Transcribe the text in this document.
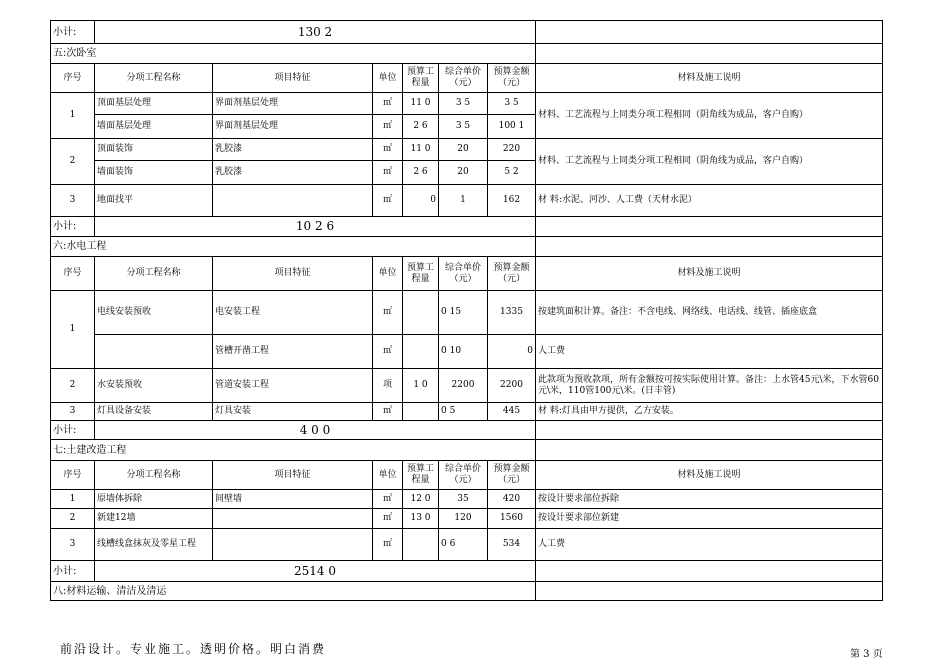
小计:	130 2						
五:次卧室							
序号	分项工程名称	项目特征	单位	预算工程量	综合单价（元）	预算金额（元）	材料及施工说明
1	顶面基层处理	界面剂基层处理	㎡	11 0	3 5	3 5	材料、工艺流程与上同类分项工程相同（阴角线为成品，客户自购）
	墙面基层处理	界面剂基层处理	㎡	2 6	3 5	100 1	
2	顶面装饰	乳胶漆	㎡	11 0	20	220	材料、工艺流程与上同类分项工程相同（阴角线为成品，客户自购）
	墙面装饰	乳胶漆	㎡	2 6	20	5 2	
3	地面找平		㎡	0	1	162	材 料:水泥、河沙、人工费（天材水泥）
小计:	10 2 6						
六:水电工程							
序号	分项工程名称	项目特征	单位	预算工程量	综合单价（元）	预算金额（元）	材料及施工说明
1	电线安装预收	电安装工程	㎡		0 15	1335	按建筑面积计算。备注：不含电线、网络线、电话线、线管、插座底盒
		管槽开凿工程	㎡		0 10	0	人工费
2	水安装预收	管道安装工程	项	1 0	2200	2200	此款项为预收款项，所有金额按可按实际使用计算。备注：上水管45元\米，下水管60元\米，110管100元\米。(日丰管)
3	灯具设备安装	灯具安装	㎡		0 5	445	材 料:灯具由甲方提供，乙方安装。
小计:	4 0 0						
七:土建改造工程							
序号	分项工程名称	项目特征	单位	预算工程量	综合单价（元）	预算金额（元）	材料及施工说明
1	原墙体拆除	间壁墙	㎡	12 0	35	420	按设计要求部位拆除
2	新建12墙		㎡	13 0	120	1560	按设计要求部位新建
3	线槽线盒抹灰及零星工程		㎡		0 6	534	人工费
小计:	2514 0						
八:材料运输、清洁及清运							
前沿设计。专业施工。透明价格。明白消费	第 3 页
